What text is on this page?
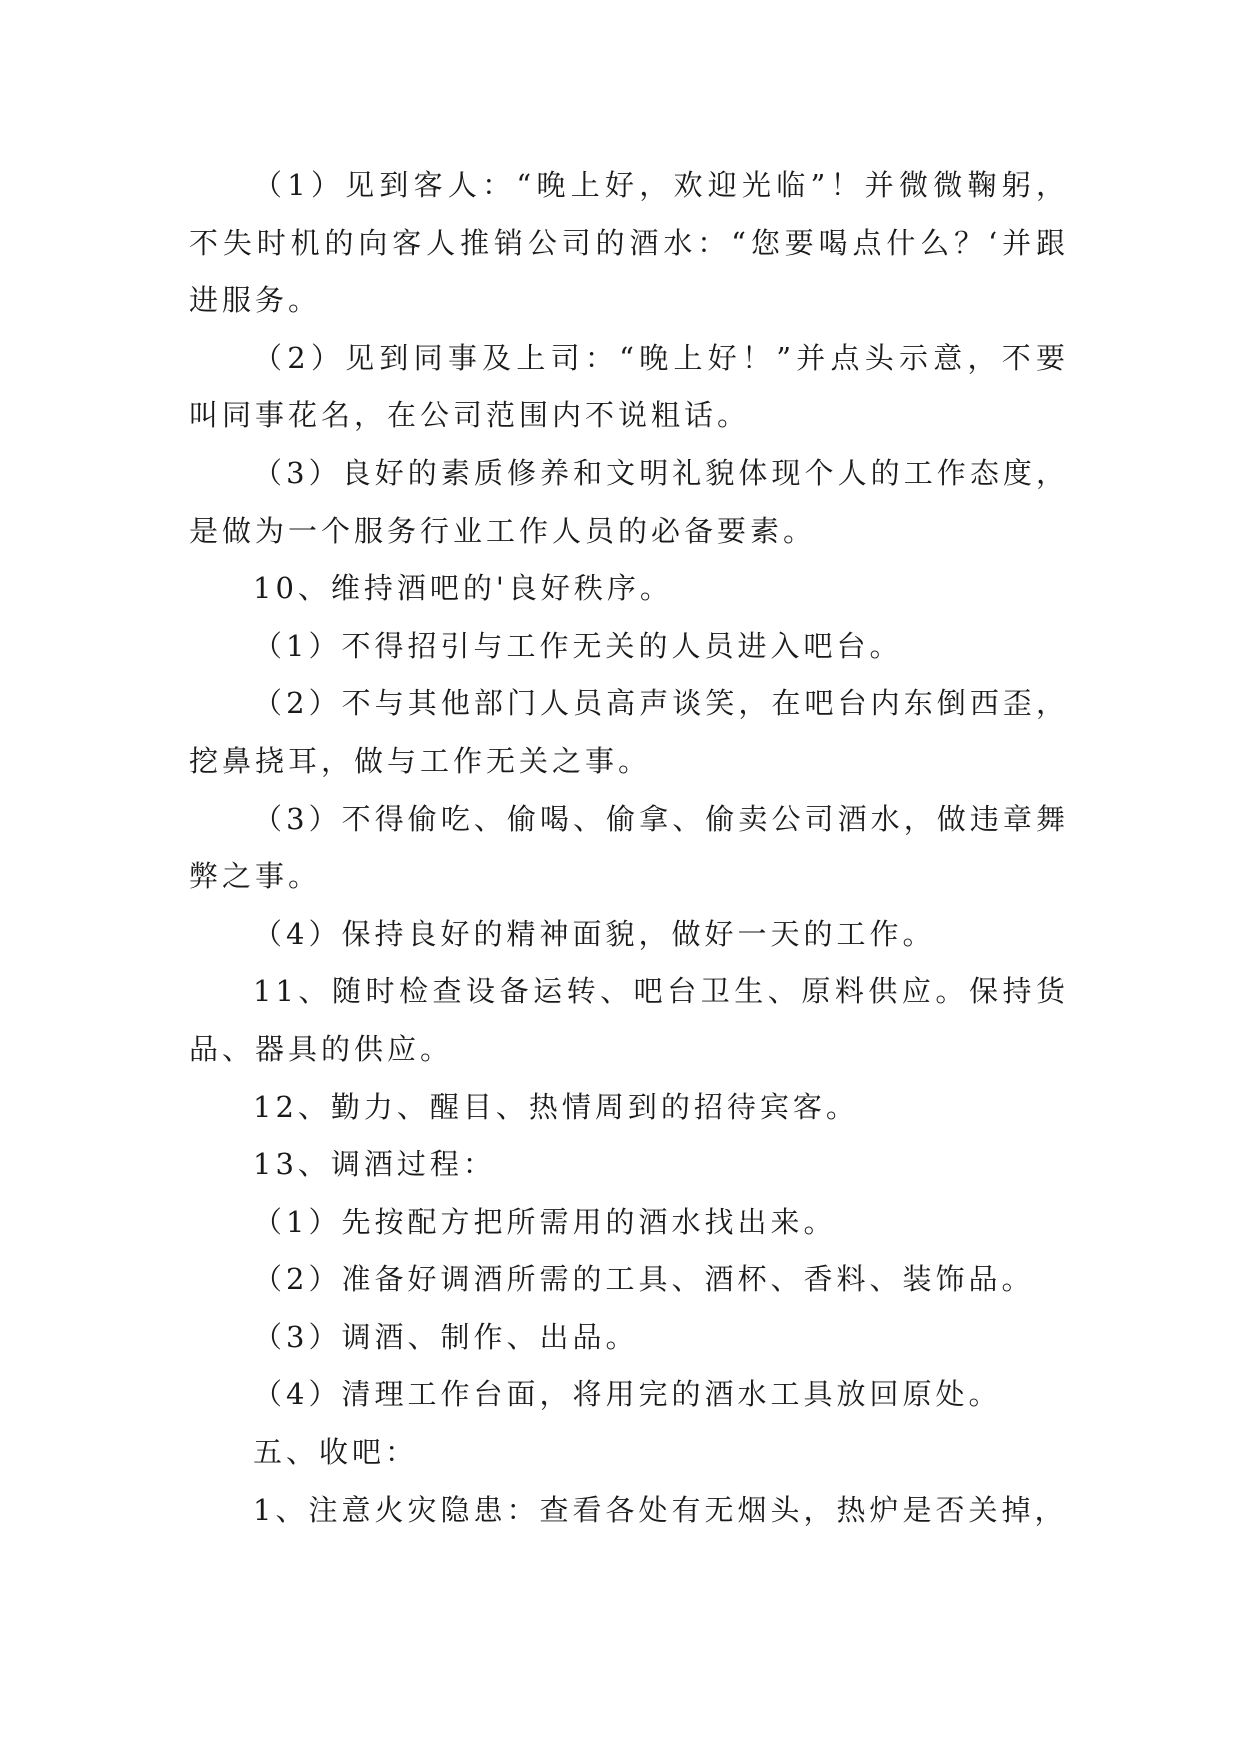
（1）见到客人：“晚上好，欢迎光临”！并微微鞠躬，不失时机的向客人推销公司的酒水：“您要喝点什么？‘并跟进服务。

（2）见到同事及上司：“晚上好！”并点头示意，不要叫同事花名，在公司范围内不说粗话。

（3）良好的素质修养和文明礼貌体现个人的工作态度，是做为一个服务行业工作人员的必备要素。

10、维持酒吧的'良好秩序。

（1）不得招引与工作无关的人员进入吧台。

（2）不与其他部门人员高声谈笑，在吧台内东倒西歪，挖鼻挠耳，做与工作无关之事。

（3）不得偷吃、偷喝、偷拿、偷卖公司酒水，做违章舞弊之事。

（4）保持良好的精神面貌，做好一天的工作。

11、随时检查设备运转、吧台卫生、原料供应。保持货品、器具的供应。

12、勤力、醒目、热情周到的招待宾客。

13、调酒过程：

（1）先按配方把所需用的酒水找出来。

（2）准备好调酒所需的工具、酒杯、香料、装饰品。

（3）调酒、制作、出品。

（4）清理工作台面，将用完的酒水工具放回原处。

五、收吧：

1、注意火灾隐患：查看各处有无烟头，热炉是否关掉，
